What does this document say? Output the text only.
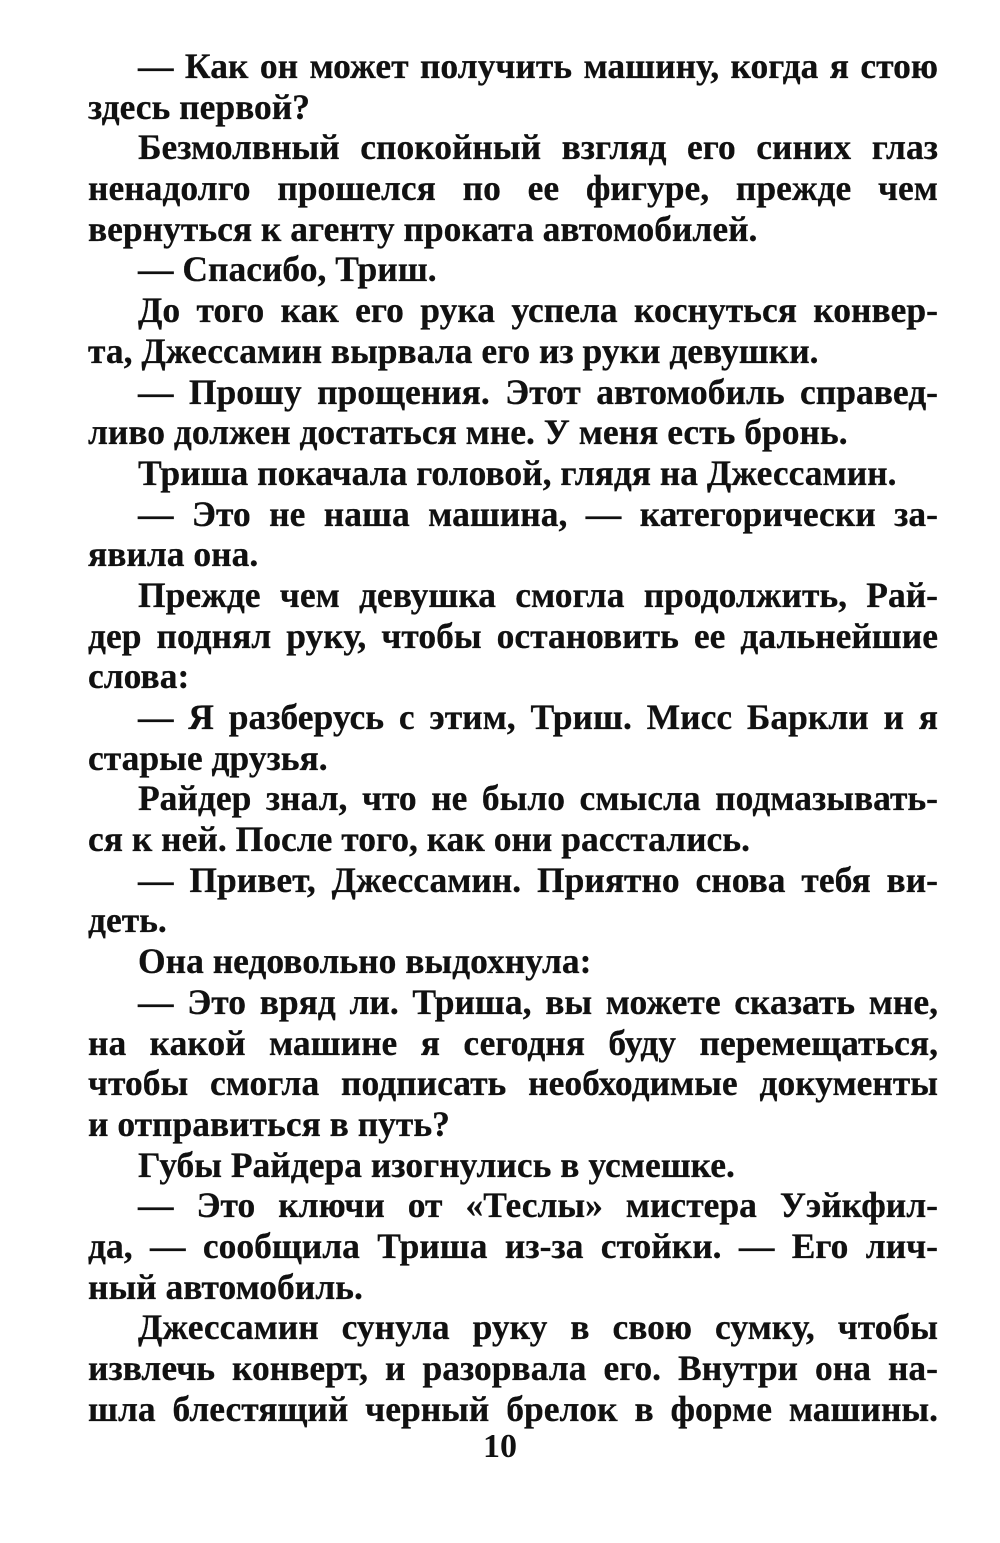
— Как он может получить машину, когда я стою
здесь первой?
Безмолвный спокойный взгляд его синих глаз
ненадолго прошелся по ее фигуре, прежде чем
вернуться к агенту проката автомобилей.
— Спасибо, Триш.
До того как его рука успела коснуться конвер-
та, Джессамин вырвала его из руки девушки.
— Прошу прощения. Этот автомобиль справед-
ливо должен достаться мне. У меня есть бронь.
Триша покачала головой, глядя на Джессамин.
— Это не наша машина, — категорически за-
явила она.
Прежде чем девушка смогла продолжить, Рай-
дер поднял руку, чтобы остановить ее дальнейшие
слова:
— Я разберусь с этим, Триш. Мисс Баркли и я
старые друзья.
Райдер знал, что не было смысла подмазывать-
ся к ней. После того, как они расстались.
— Привет, Джессамин. Приятно снова тебя ви-
деть.
Она недовольно выдохнула:
— Это вряд ли. Триша, вы можете сказать мне,
на какой машине я сегодня буду перемещаться,
чтобы смогла подписать необходимые документы
и отправиться в путь?
Губы Райдера изогнулись в усмешке.
— Это ключи от «Теслы» мистера Уэйкфил-
да, — сообщила Триша из-за стойки. — Его лич-
ный автомобиль.
Джессамин сунула руку в свою сумку, чтобы
извлечь конверт, и разорвала его. Внутри она на-
шла блестящий черный брелок в форме машины.
10
